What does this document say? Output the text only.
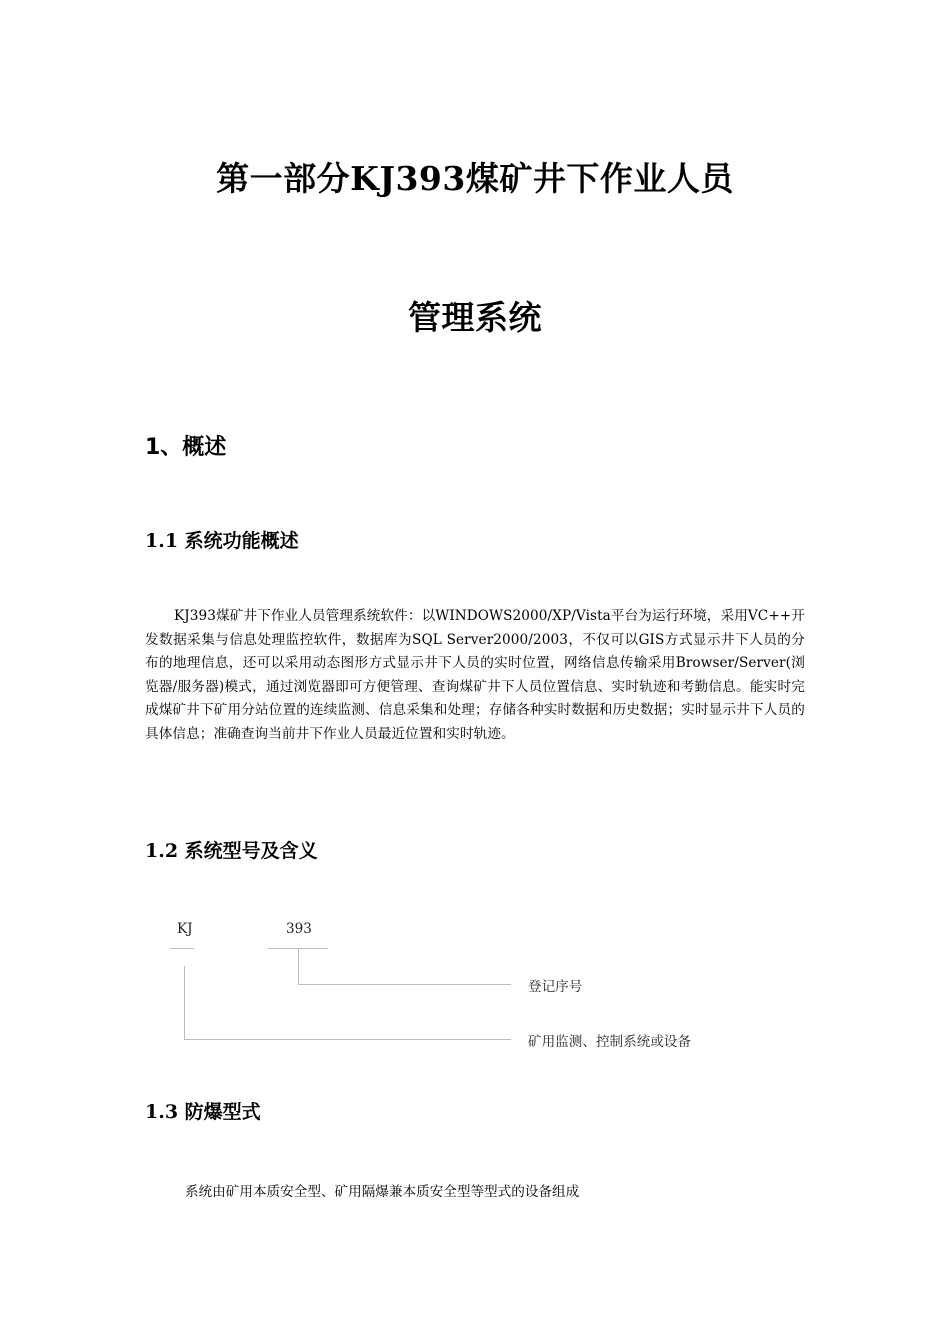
第一部分KJ393煤矿井下作业人员
管理系统
1、概述
1.1 系统功能概述
KJ393煤矿井下作业人员管理系统软件：以WINDOWS2000/XP/Vista平台为运行环境，采用VC++开发数据采集与信息处理监控软件，数据库为SQL Server2000/2003，不仅可以GIS方式显示井下人员的分布的地理信息，还可以采用动态图形方式显示井下人员的实时位置，网络信息传输采用Browser/Server(浏览器/服务器)模式，通过浏览器即可方便管理、查询煤矿井下人员位置信息、实时轨迹和考勤信息。能实时完成煤矿井下矿用分站位置的连续监测、信息采集和处理；存储各种实时数据和历史数据；实时显示井下人员的具体信息；准确查询当前井下作业人员最近位置和实时轨迹。
1.2 系统型号及含义
KJ	393
登记序号
矿用监测、控制系统或设备
1.3 防爆型式
系统由矿用本质安全型、矿用隔爆兼本质安全型等型式的设备组成
